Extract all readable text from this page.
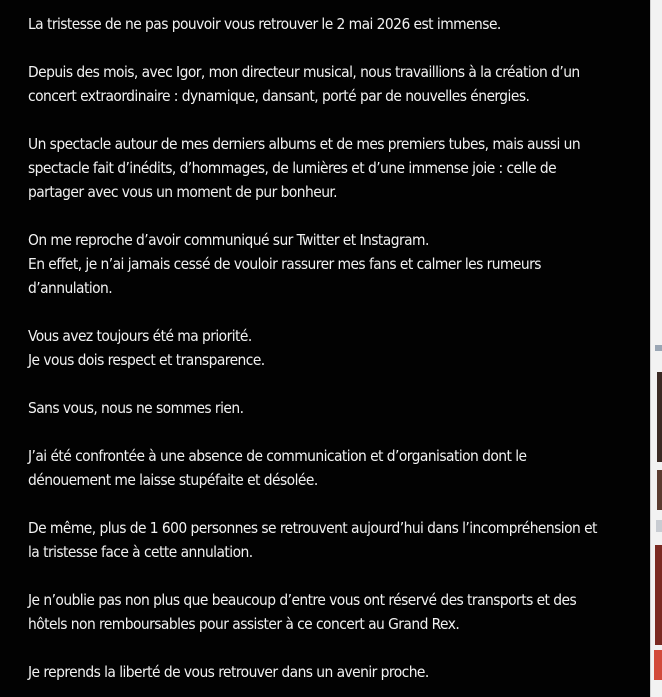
La tristesse de ne pas pouvoir vous retrouver le 2 mai 2026 est immense.

Depuis des mois, avec Igor, mon directeur musical, nous travaillions à la création d’un
concert extraordinaire : dynamique, dansant, porté par de nouvelles énergies.

Un spectacle autour de mes derniers albums et de mes premiers tubes, mais aussi un
spectacle fait d’inédits, d’hommages, de lumières et d’une immense joie : celle de
partager avec vous un moment de pur bonheur.

On me reproche d’avoir communiqué sur Twitter et Instagram.
En effet, je n’ai jamais cessé de vouloir rassurer mes fans et calmer les rumeurs
d’annulation.

Vous avez toujours été ma priorité.
Je vous dois respect et transparence.

Sans vous, nous ne sommes rien.

J’ai été confrontée à une absence de communication et d’organisation dont le
dénouement me laisse stupéfaite et désolée.

De même, plus de 1 600 personnes se retrouvent aujourd’hui dans l’incompréhension et
la tristesse face à cette annulation.

Je n’oublie pas non plus que beaucoup d’entre vous ont réservé des transports et des
hôtels non remboursables pour assister à ce concert au Grand Rex.

Je reprends la liberté de vous retrouver dans un avenir proche.
